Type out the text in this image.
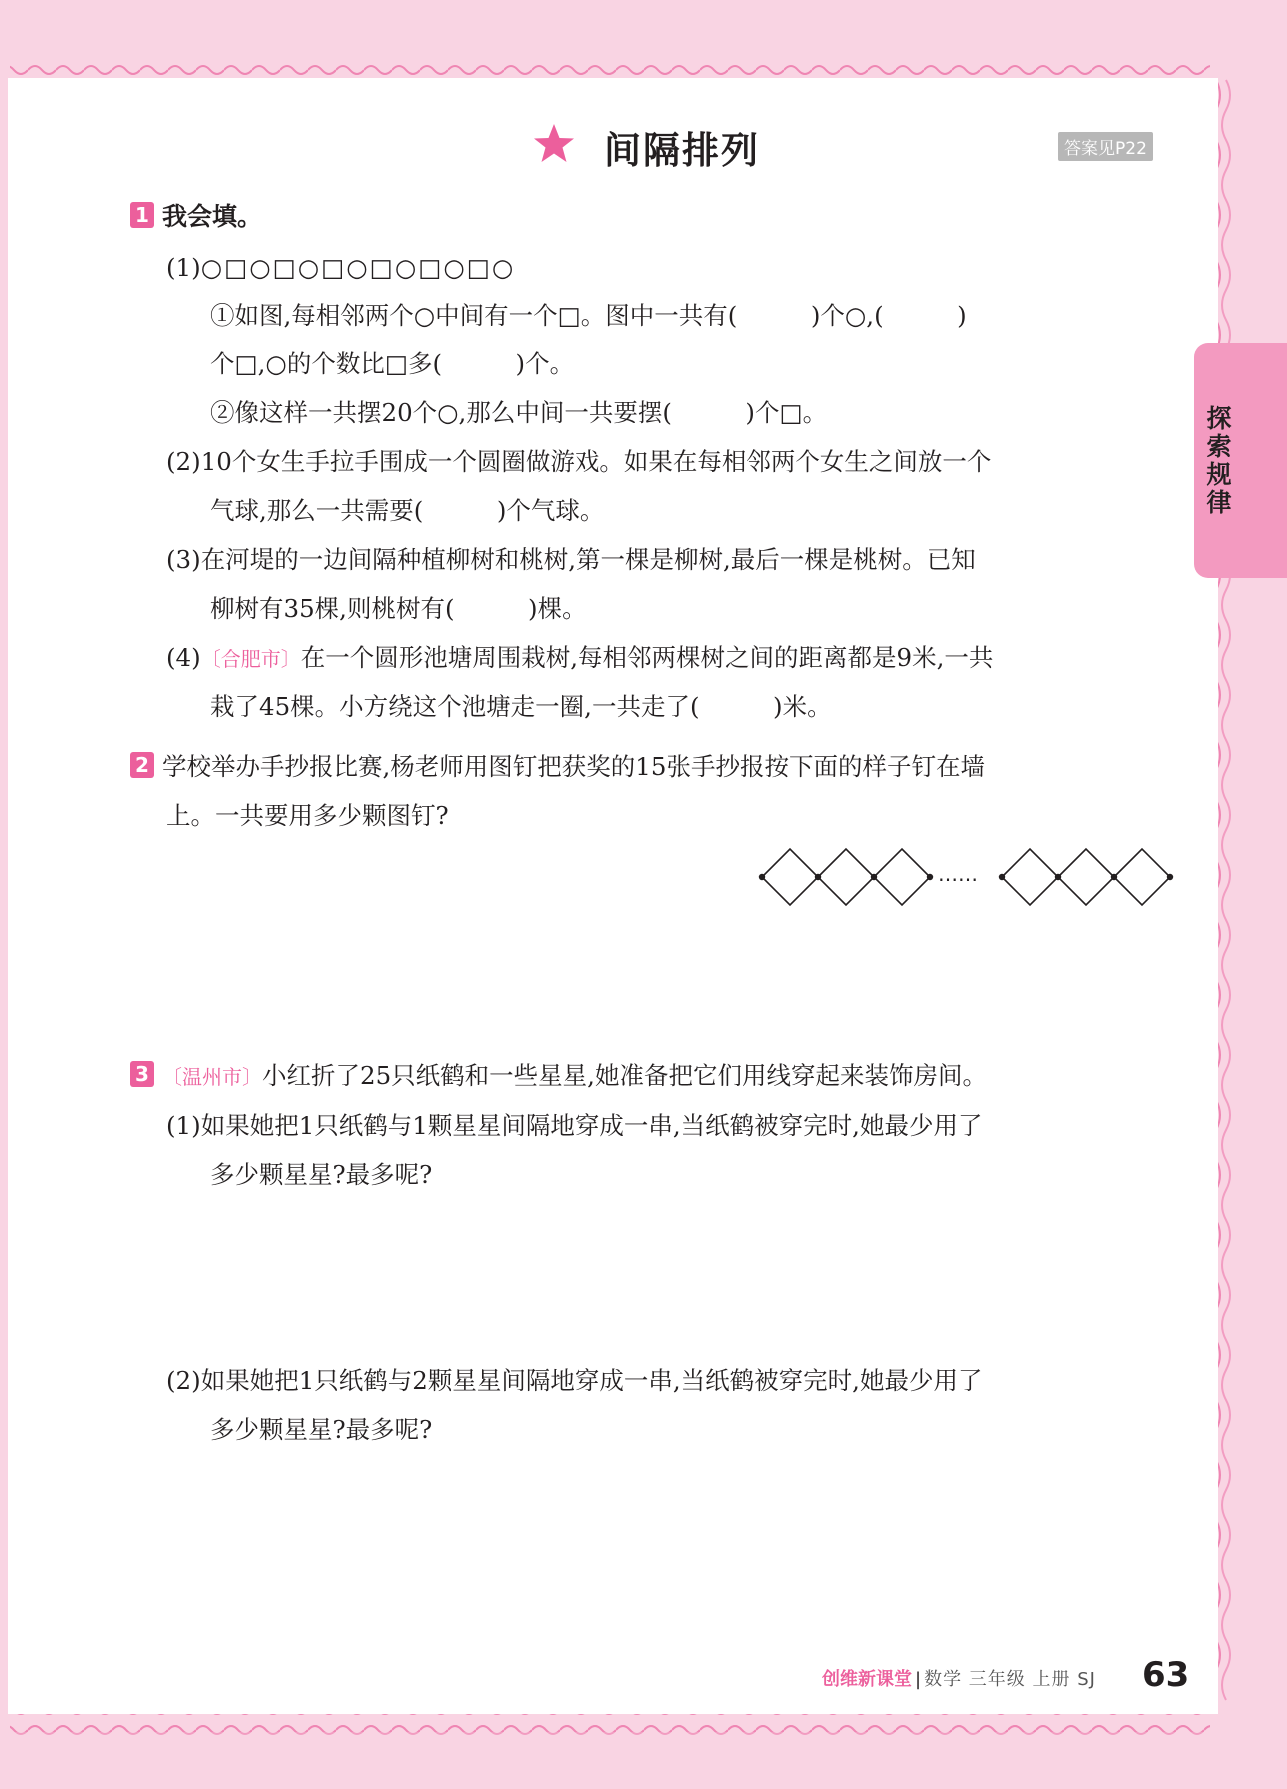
间隔排列	答案见P22
探索规律
1 我会填。
(1)○□○□○□○□○□○□○
①如图,每相邻两个○中间有一个□。图中一共有(　　　)个○,(　　　)
个□,○的个数比□多(　　　)个。
②像这样一共摆20个○,那么中间一共要摆(　　　)个□。
(2)10个女生手拉手围成一个圆圈做游戏。如果在每相邻两个女生之间放一个
气球,那么一共需要(　　　)个气球。
(3)在河堤的一边间隔种植柳树和桃树,第一棵是柳树,最后一棵是桃树。已知
柳树有35棵,则桃树有(　　　)棵。
(4)〔合肥市〕在一个圆形池塘周围栽树,每相邻两棵树之间的距离都是9米,一共
栽了45棵。小方绕这个池塘走一圈,一共走了(　　　)米。
2 学校举办手抄报比赛,杨老师用图钉把获奖的15张手抄报按下面的样子钉在墙
上。一共要用多少颗图钉?
……
3 〔温州市〕小红折了25只纸鹤和一些星星,她准备把它们用线穿起来装饰房间。
(1)如果她把1只纸鹤与1颗星星间隔地穿成一串,当纸鹤被穿完时,她最少用了
多少颗星星?最多呢?
(2)如果她把1只纸鹤与2颗星星间隔地穿成一串,当纸鹤被穿完时,她最少用了
多少颗星星?最多呢?
创维新课堂 | 数学 三年级 上册 SJ 63
